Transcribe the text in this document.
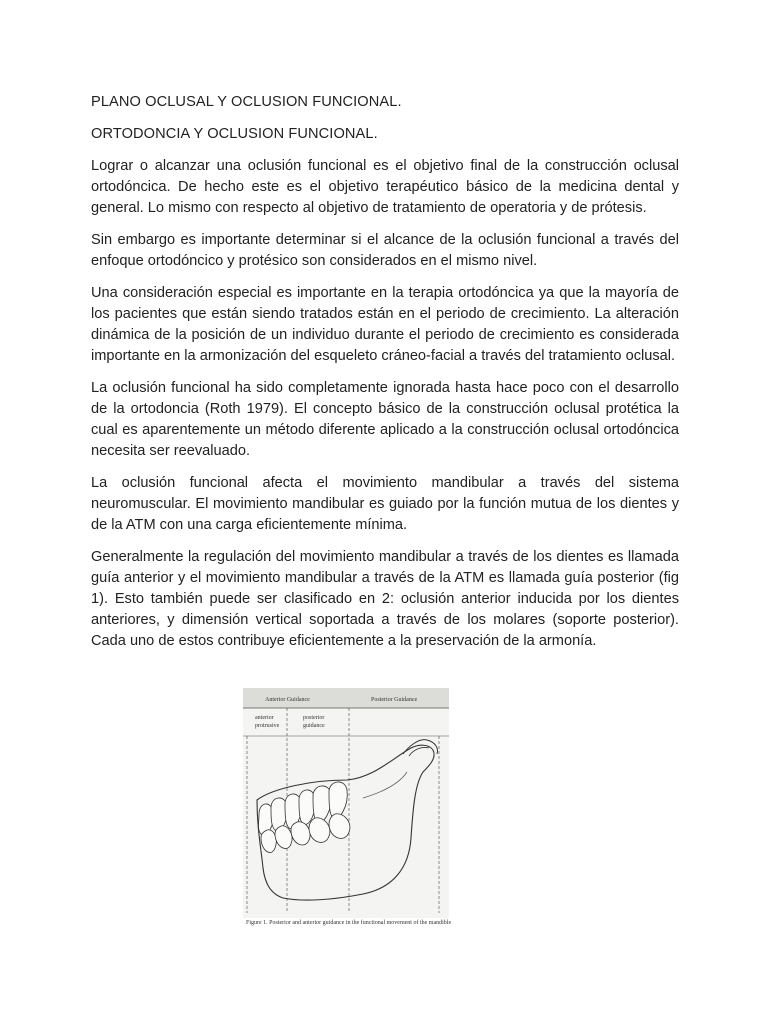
PLANO OCLUSAL Y OCLUSION FUNCIONAL.

ORTODONCIA Y OCLUSION FUNCIONAL.

Lograr o alcanzar una oclusión funcional es el objetivo final de la construcción oclusal ortodóncica. De hecho este es el objetivo terapéutico básico de la medicina dental y general. Lo mismo con respecto al objetivo de tratamiento de operatoria y de prótesis.

Sin embargo es importante determinar si el alcance de la oclusión funcional a través del enfoque ortodóncico y protésico son considerados en el mismo nivel.

Una consideración especial es importante en la terapia ortodóncica ya que la mayoría de los pacientes que están siendo tratados están en el periodo de crecimiento. La alteración dinámica de la posición de un individuo durante el periodo de crecimiento es considerada importante en la armonización del esqueleto cráneo-facial a través del tratamiento oclusal.

La oclusión funcional ha sido completamente ignorada hasta hace poco con el desarrollo de la ortodoncia (Roth 1979). El concepto básico de la construcción oclusal protética la cual es aparentemente un método diferente aplicado a la construcción oclusal ortodóncica necesita ser reevaluado.

La oclusión funcional afecta el movimiento mandibular a través del sistema neuromuscular. El movimiento mandibular es guiado por la función mutua de los dientes y de la ATM con una carga eficientemente mínima.

Generalmente la regulación del movimiento mandibular a través de los dientes es llamada guía anterior y el movimiento mandibular a través de la ATM es llamada guía posterior (fig 1). Esto también puede ser clasificado en 2: oclusión anterior inducida por los dientes anteriores, y dimensión vertical soportada a través de los molares (soporte posterior). Cada uno de estos contribuye eficientemente a la preservación de la armonía.

Anterior Guidance	Posterior Guidance
anterior
protrusive
posterior
guidance
Figure 1. Posterior and anterior guidance in the functional movement of the mandible
